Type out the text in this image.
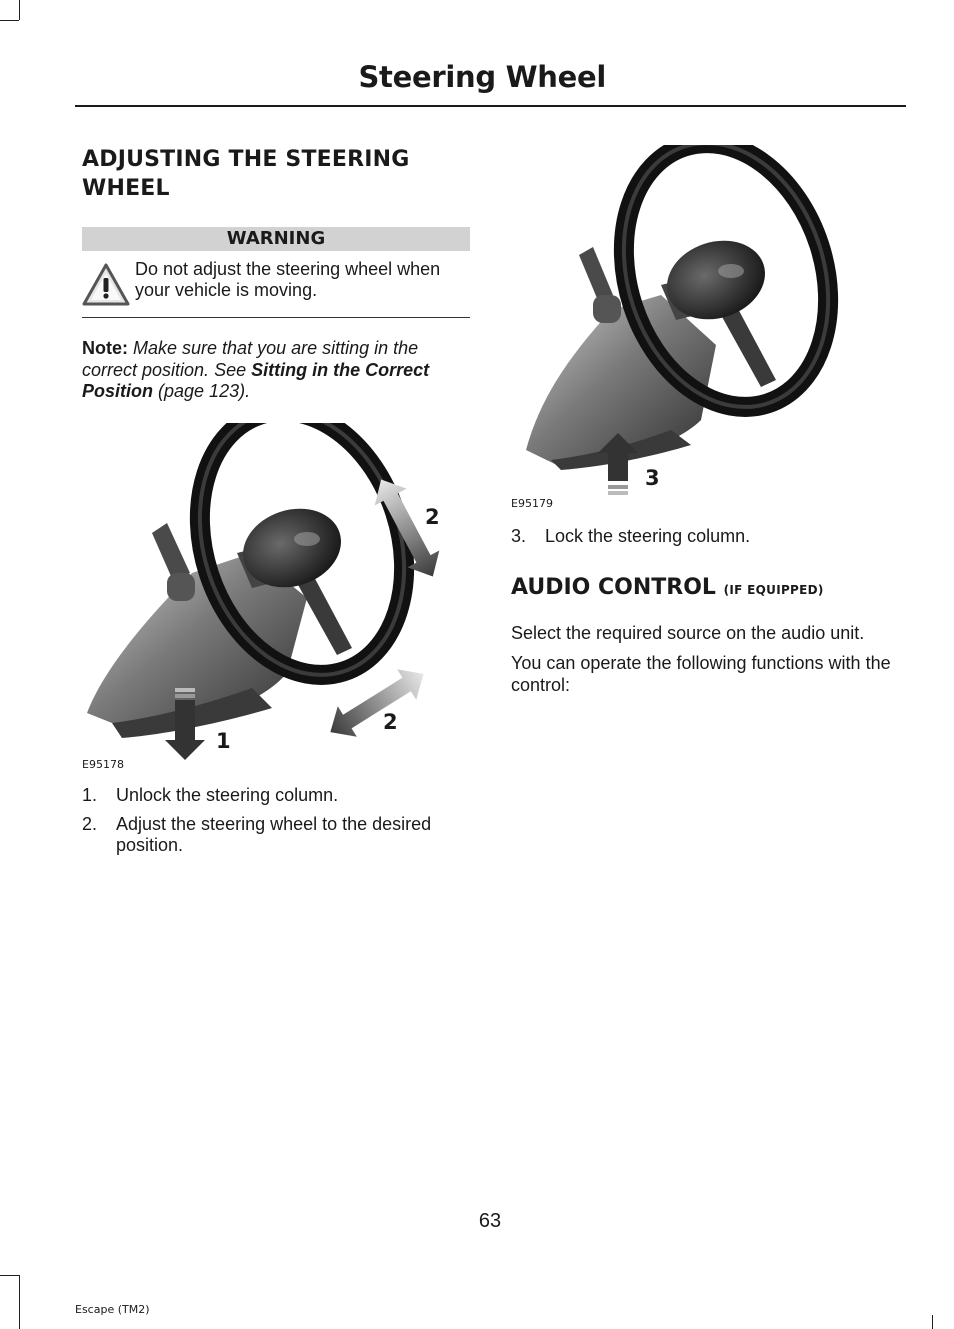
Steering Wheel
ADJUSTING THE STEERING WHEEL
WARNING
Do not adjust the steering wheel when your vehicle is moving.
Note: Make sure that you are sitting in the correct position. See Sitting in the Correct Position (page 123).
2
2
1
E95178
1. Unlock the steering column.
2. Adjust the steering wheel to the desired position.
3
E95179
3. Lock the steering column.
AUDIO CONTROL (IF EQUIPPED)

Select the required source on the audio unit.

You can operate the following functions with the control:

63
Escape (TM2)
